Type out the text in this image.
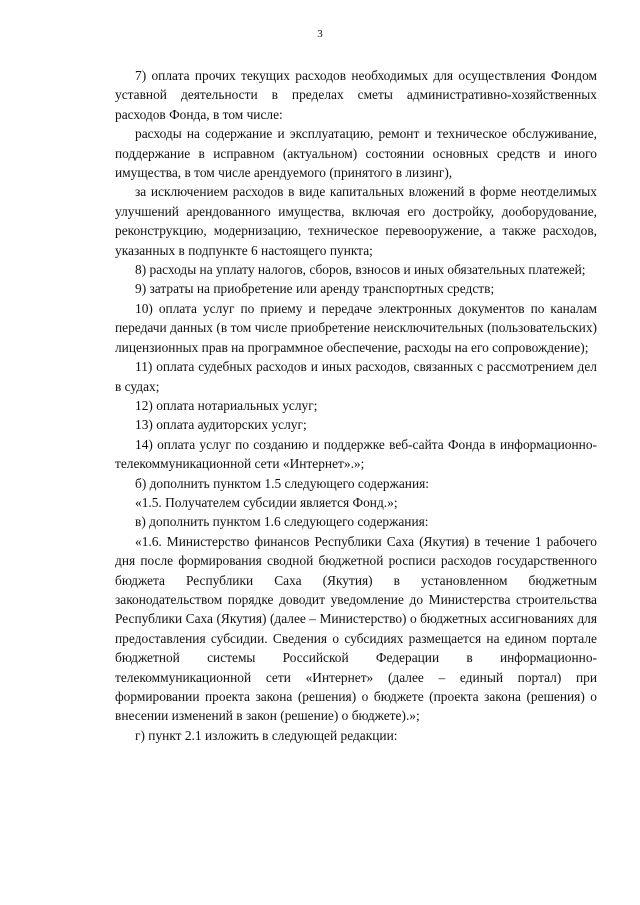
3

7) оплата прочих текущих расходов необходимых для осуществления Фондом уставной деятельности в пределах сметы административно-хозяйственных расходов Фонда, в том числе:

расходы на содержание и эксплуатацию, ремонт и техническое обслуживание, поддержание в исправном (актуальном) состоянии основных средств и иного имущества, в том числе арендуемого (принятого в лизинг),

за исключением расходов в виде капитальных вложений в форме неотделимых улучшений арендованного имущества, включая его достройку, дооборудование, реконструкцию, модернизацию, техническое перевооружение, а также расходов, указанных в подпункте 6 настоящего пункта;

8) расходы на уплату налогов, сборов, взносов и иных обязательных платежей;

9) затраты на приобретение или аренду транспортных средств;

10) оплата услуг по приему и передаче электронных документов по каналам передачи данных (в том числе приобретение неисключительных (пользовательских) лицензионных прав на программное обеспечение, расходы на его сопровождение);

11) оплата судебных расходов и иных расходов, связанных с рассмотрением дел в судах;

12) оплата нотариальных услуг;

13) оплата аудиторских услуг;

14) оплата услуг по созданию и поддержке веб-сайта Фонда в информационно-телекоммуникационной сети «Интернет».»;

б) дополнить пунктом 1.5 следующего содержания:

«1.5. Получателем субсидии является Фонд.»;

в) дополнить пунктом 1.6 следующего содержания:

«1.6. Министерство финансов Республики Саха (Якутия) в течение 1 рабочего дня после формирования сводной бюджетной росписи расходов государственного бюджета Республики Саха (Якутия) в установленном бюджетным законодательством порядке доводит уведомление до Министерства строительства Республики Саха (Якутия) (далее – Министерство) о бюджетных ассигнованиях для предоставления субсидии. Сведения о субсидиях размещается на едином портале бюджетной системы Российской Федерации в информационно-телекоммуникационной сети «Интернет» (далее – единый портал) при формировании проекта закона (решения) о бюджете (проекта закона (решения) о внесении изменений в закон (решение) о бюджете).»;

г) пункт 2.1 изложить в следующей редакции:
